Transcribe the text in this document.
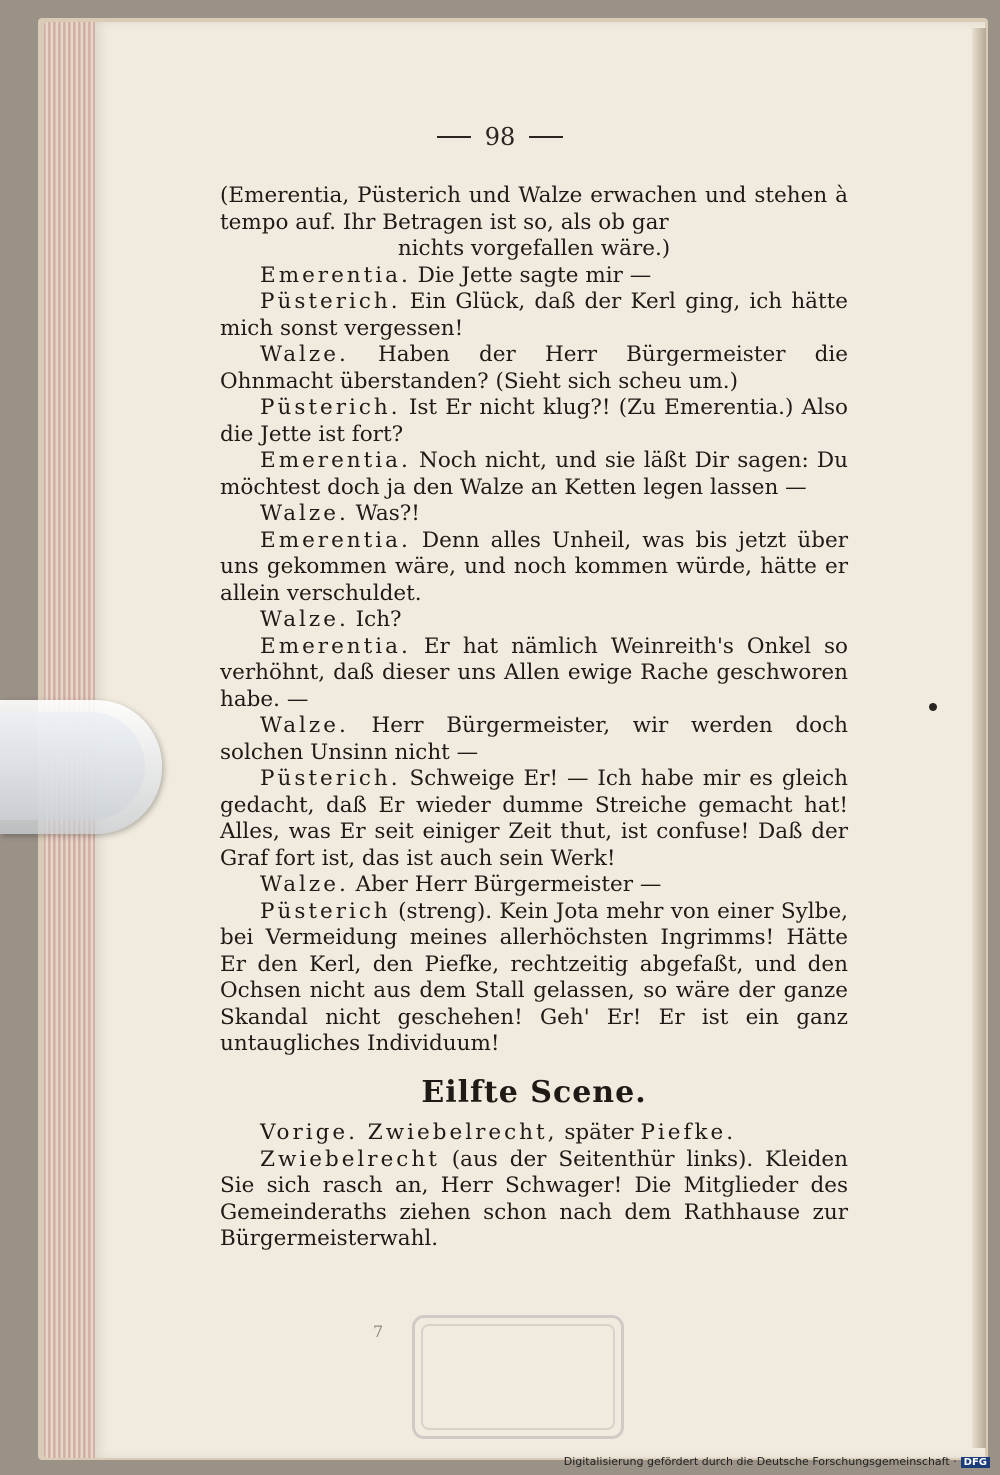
98

(Emerentia, Püsterich und Walze erwachen und stehen à tempo auf. Ihr Betragen ist so, als ob gar

nichts vorgefallen wäre.)

Emerentia. Die Jette sagte mir —

Püsterich. Ein Glück, daß der Kerl ging, ich hätte mich sonst vergessen!

Walze. Haben der Herr Bürgermeister die Ohnmacht überstanden? (Sieht sich scheu um.)

Püsterich. Ist Er nicht klug?! (Zu Emerentia.) Also die Jette ist fort?

Emerentia. Noch nicht, und sie läßt Dir sagen: Du möchtest doch ja den Walze an Ketten legen lassen —

Walze. Was?!

Emerentia. Denn alles Unheil, was bis jetzt über uns gekommen wäre, und noch kommen würde, hätte er allein verschuldet.

Walze. Ich?

Emerentia. Er hat nämlich Weinreith's Onkel so verhöhnt, daß dieser uns Allen ewige Rache geschworen habe. —

Walze. Herr Bürgermeister, wir werden doch solchen Unsinn nicht —

Püsterich. Schweige Er! — Ich habe mir es gleich gedacht, daß Er wieder dumme Streiche gemacht hat! Alles, was Er seit einiger Zeit thut, ist confuse! Daß der Graf fort ist, das ist auch sein Werk!

Walze. Aber Herr Bürgermeister —

Püsterich (streng). Kein Jota mehr von einer Sylbe, bei Vermeidung meines allerhöchsten Ingrimms! Hätte Er den Kerl, den Piefke, rechtzeitig abgefaßt, und den Ochsen nicht aus dem Stall gelassen, so wäre der ganze Skandal nicht geschehen! Geh' Er! Er ist ein ganz untaugliches Individuum!

Eilfte Scene.

Vorige. Zwiebelrecht, später Piefke.

Zwiebelrecht (aus der Seitenthür links). Kleiden Sie sich rasch an, Herr Schwager! Die Mitglieder des Gemeinderaths ziehen schon nach dem Rathhause zur Bürgermeisterwahl.

7
Digitalisierung gefördert durch die Deutsche Forschungsgemeinschaft · DFG
